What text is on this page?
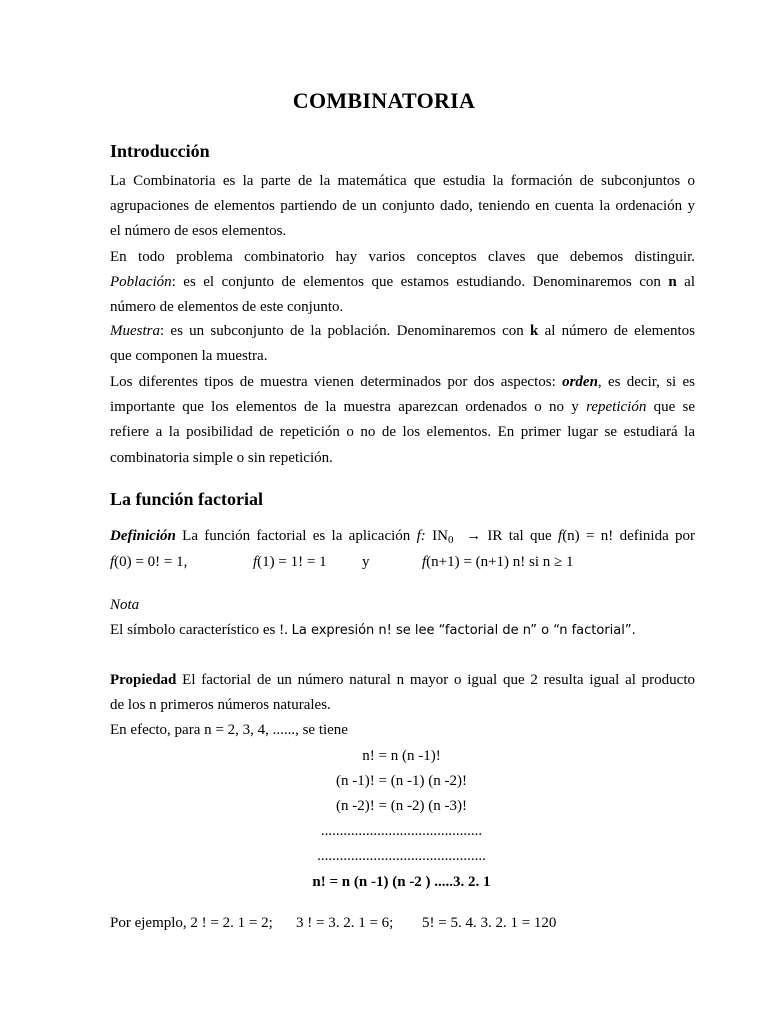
COMBINATORIA
Introducción
La Combinatoria es la parte de la matemática que estudia la formación de subconjuntos o
agrupaciones de elementos partiendo de un conjunto dado, teniendo en cuenta la ordenación y
el número de esos elementos.
En todo problema combinatorio hay varios conceptos claves que debemos distinguir.
Población: es el conjunto de elementos que estamos estudiando. Denominaremos con n al
número de elementos de este conjunto.
Muestra: es un subconjunto de la población. Denominaremos con k al número de elementos
que componen la muestra.
Los diferentes tipos de muestra vienen determinados por dos aspectos: orden, es decir, si es
importante que los elementos de la muestra aparezcan ordenados o no y repetición que se
refiere a la posibilidad de repetición o no de los elementos. En primer lugar se estudiará la
combinatoria simple o sin repetición.
La función factorial
Definición La función factorial es la aplicación f: $IN_0$ → IR tal que f(n) = n! definida por
f(0) = 0! = 1,	f(1) = 1! = 1 y	f(n+1) = (n+1) n! si n ≥ 1
Nota
El símbolo característico es !. La expresión n! se lee “factorial de n” o “n factorial”.
Propiedad El factorial de un número natural n mayor o igual que 2 resulta igual al producto
de los n primeros números naturales.
En efecto, para n = 2, 3, 4, ......, se tiene
n! = n (n -1)!
(n -1)! = (n -1) (n -2)!
(n -2)! = (n -2) (n -3)!
...........................................
.............................................
n! = n (n -1) (n -2 ) .....3. 2. 1
Por ejemplo, 2 ! = 2. 1 = 2; 3 ! = 3. 2. 1 = 6; 5! = 5. 4. 3. 2. 1 = 120
